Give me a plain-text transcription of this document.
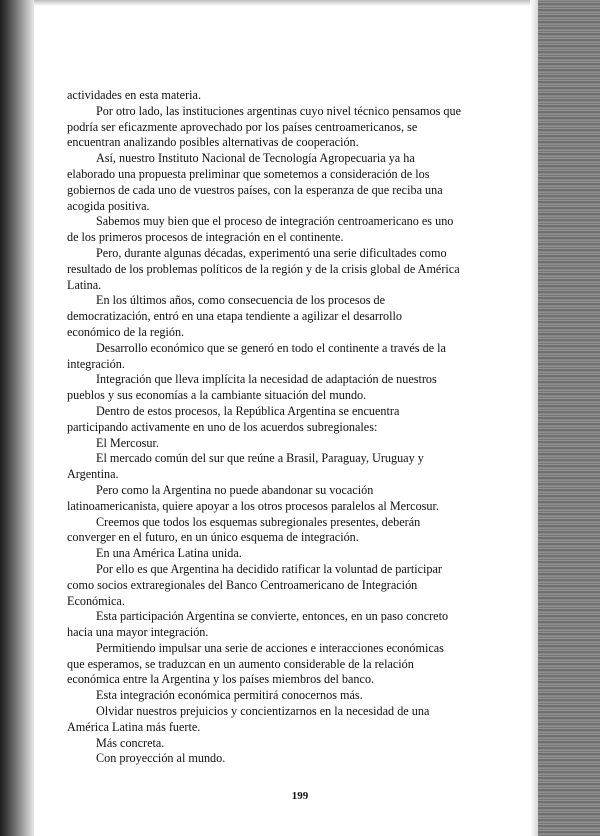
actividades en esta materia.
Por otro lado, las instituciones argentinas cuyo nivel técnico pensamos que
podría ser eficazmente aprovechado por los países centroamericanos, se
encuentran analizando posibles alternativas de cooperación.
Así, nuestro Instituto Nacional de Tecnología Agropecuaria ya ha
elaborado una propuesta preliminar que sometemos a consideración de los
gobiernos de cada uno de vuestros países, con la esperanza de que reciba una
acogida positiva.
Sabemos muy bien que el proceso de integración centroamericano es uno
de los primeros procesos de integración en el continente.
Pero, durante algunas décadas, experimentó una serie dificultades como
resultado de los problemas políticos de la región y de la crisis global de América
Latina.
En los últimos años, como consecuencia de los procesos de
democratización, entró en una etapa tendiente a agilizar el desarrollo
económico de la región.
Desarrollo económico que se generó en todo el continente a través de la
integración.
Integración que lleva implícita la necesidad de adaptación de nuestros
pueblos y sus economías a la cambiante situación del mundo.
Dentro de estos procesos, la República Argentina se encuentra
participando activamente en uno de los acuerdos subregionales:
El Mercosur.
El mercado común del sur que reúne a Brasil, Paraguay, Uruguay y
Argentina.
Pero como la Argentina no puede abandonar su vocación
latinoamericanista, quiere apoyar a los otros procesos paralelos al Mercosur.
Creemos que todos los esquemas subregionales presentes, deberán
converger en el futuro, en un único esquema de integración.
En una América Latina unida.
Por ello es que Argentina ha decidido ratificar la voluntad de participar
como socios extraregionales del Banco Centroamericano de Integración
Económica.
Esta participación Argentina se convierte, entonces, en un paso concreto
hacia una mayor integración.
Permitiendo impulsar una serie de acciones e interacciones económicas
que esperamos, se traduzcan en un aumento considerable de la relación
económica entre la Argentina y los países miembros del banco.
Esta integración económica permitirá conocernos más.
Olvidar nuestros prejuicios y concientizarnos en la necesidad de una
América Latina más fuerte.
Más concreta.
Con proyección al mundo.
199
